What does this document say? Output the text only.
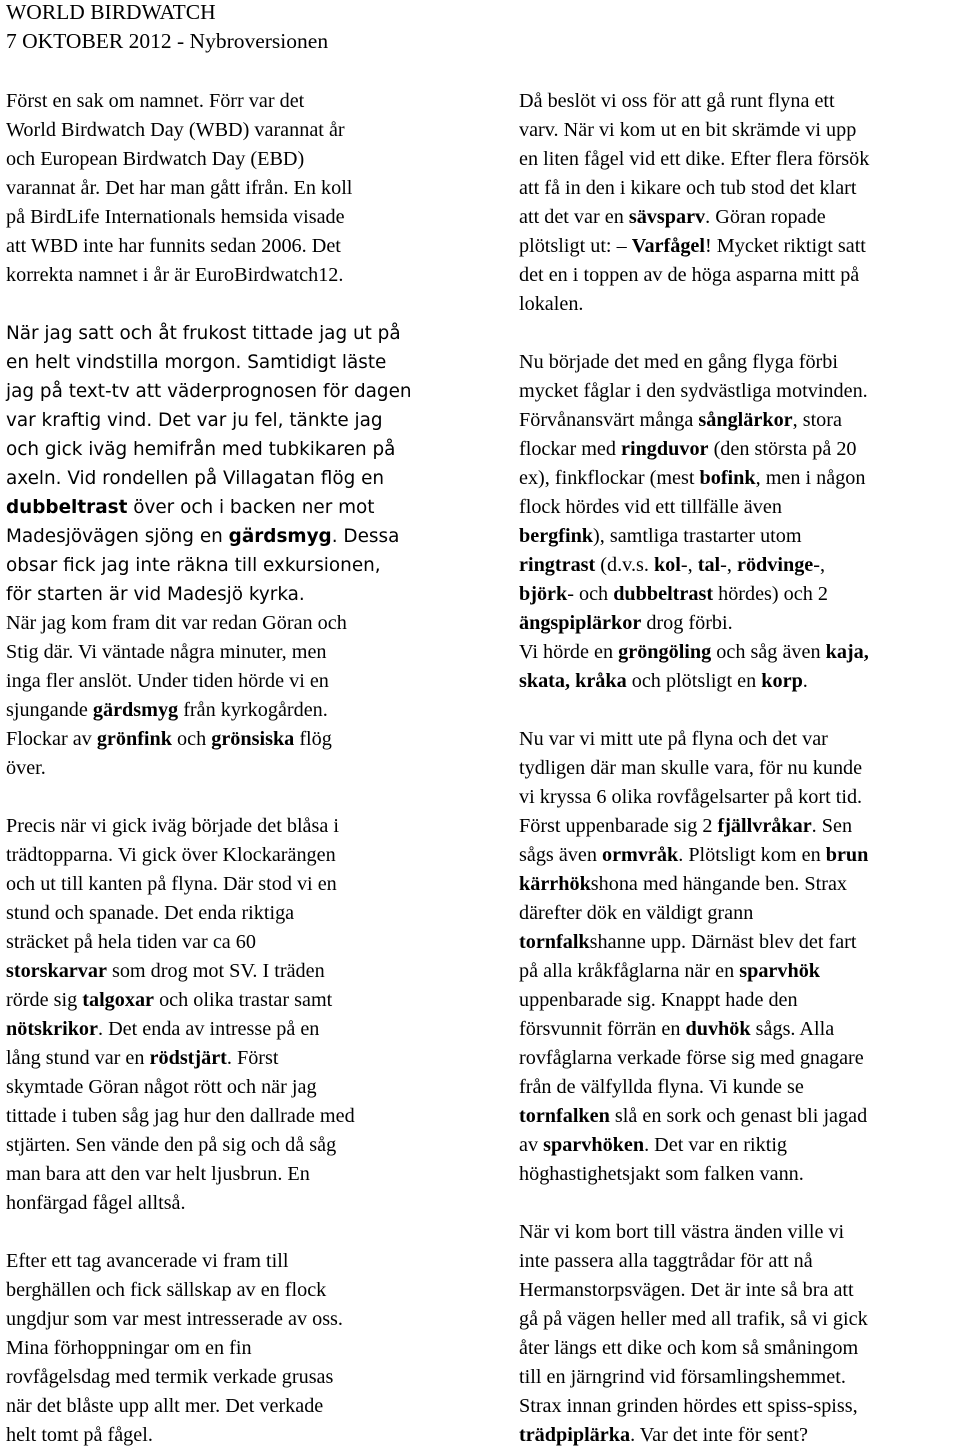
WORLD BIRDWATCH
7 OKTOBER 2012 - Nybroversionen
Först en sak om namnet. Förr var det
World Birdwatch Day (WBD) varannat år
och European Birdwatch Day (EBD)
varannat år. Det har man gått ifrån. En koll
på BirdLife Internationals hemsida visade
att WBD inte har funnits sedan 2006. Det
korrekta namnet i år är EuroBirdwatch12.
När jag satt och åt frukost tittade jag ut på
en helt vindstilla morgon. Samtidigt läste
jag på text-tv att väderprognosen för dagen
var kraftig vind. Det var ju fel, tänkte jag
och gick iväg hemifrån med tubkikaren på
axeln. Vid rondellen på Villagatan flög en
dubbeltrast över och i backen ner mot
Madesjövägen sjöng en gärdsmyg. Dessa
obsar fick jag inte räkna till exkursionen,
för starten är vid Madesjö kyrka.
När jag kom fram dit var redan Göran och
Stig där. Vi väntade några minuter, men
inga fler anslöt. Under tiden hörde vi en
sjungande gärdsmyg från kyrkogården.
Flockar av grönfink och grönsiska flög
över.
Precis när vi gick iväg började det blåsa i
trädtopparna. Vi gick över Klockarängen
och ut till kanten på flyna. Där stod vi en
stund och spanade. Det enda riktiga
sträcket på hela tiden var ca 60
storskarvar som drog mot SV. I träden
rörde sig talgoxar och olika trastar samt
nötskrikor. Det enda av intresse på en
lång stund var en rödstjärt. Först
skymtade Göran något rött och när jag
tittade i tuben såg jag hur den dallrade med
stjärten. Sen vände den på sig och då såg
man bara att den var helt ljusbrun. En
honfärgad fågel alltså.
Efter ett tag avancerade vi fram till
berghällen och fick sällskap av en flock
ungdjur som var mest intresserade av oss.
Mina förhoppningar om en fin
rovfågelsdag med termik verkade grusas
när det blåste upp allt mer. Det verkade
helt tomt på fågel.
Då beslöt vi oss för att gå runt flyna ett
varv. När vi kom ut en bit skrämde vi upp
en liten fågel vid ett dike. Efter flera försök
att få in den i kikare och tub stod det klart
att det var en sävsparv. Göran ropade
plötsligt ut: – Varfågel! Mycket riktigt satt
det en i toppen av de höga asparna mitt på
lokalen.
Nu började det med en gång flyga förbi
mycket fåglar i den sydvästliga motvinden.
Förvånansvärt många sånglärkor, stora
flockar med ringduvor (den största på 20
ex), finkflockar (mest bofink, men i någon
flock hördes vid ett tillfälle även
bergfink), samtliga trastarter utom
ringtrast (d.v.s. kol-, tal-, rödvinge-,
björk- och dubbeltrast hördes) och 2
ängspiplärkor drog förbi.
Vi hörde en gröngöling och såg även kaja,
skata, kråka och plötsligt en korp.
Nu var vi mitt ute på flyna och det var
tydligen där man skulle vara, för nu kunde
vi kryssa 6 olika rovfågelsarter på kort tid.
Först uppenbarade sig 2 fjällvråkar. Sen
sågs även ormvråk. Plötsligt kom en brun
kärrhökshona med hängande ben. Strax
därefter dök en väldigt grann
tornfalkshanne upp. Därnäst blev det fart
på alla kråkfåglarna när en sparvhök
uppenbarade sig. Knappt hade den
försvunnit förrän en duvhök sågs. Alla
rovfåglarna verkade förse sig med gnagare
från de välfyllda flyna. Vi kunde se
tornfalken slå en sork och genast bli jagad
av sparvhöken. Det var en riktig
höghastighetsjakt som falken vann.
När vi kom bort till västra änden ville vi
inte passera alla taggtrådar för att nå
Hermanstorpsvägen. Det är inte så bra att
gå på vägen heller med all trafik, så vi gick
åter längs ett dike och kom så småningom
till en järngrind vid församlingshemmet.
Strax innan grinden hördes ett spiss-spiss,
trädpiplärka. Var det inte för sent?
